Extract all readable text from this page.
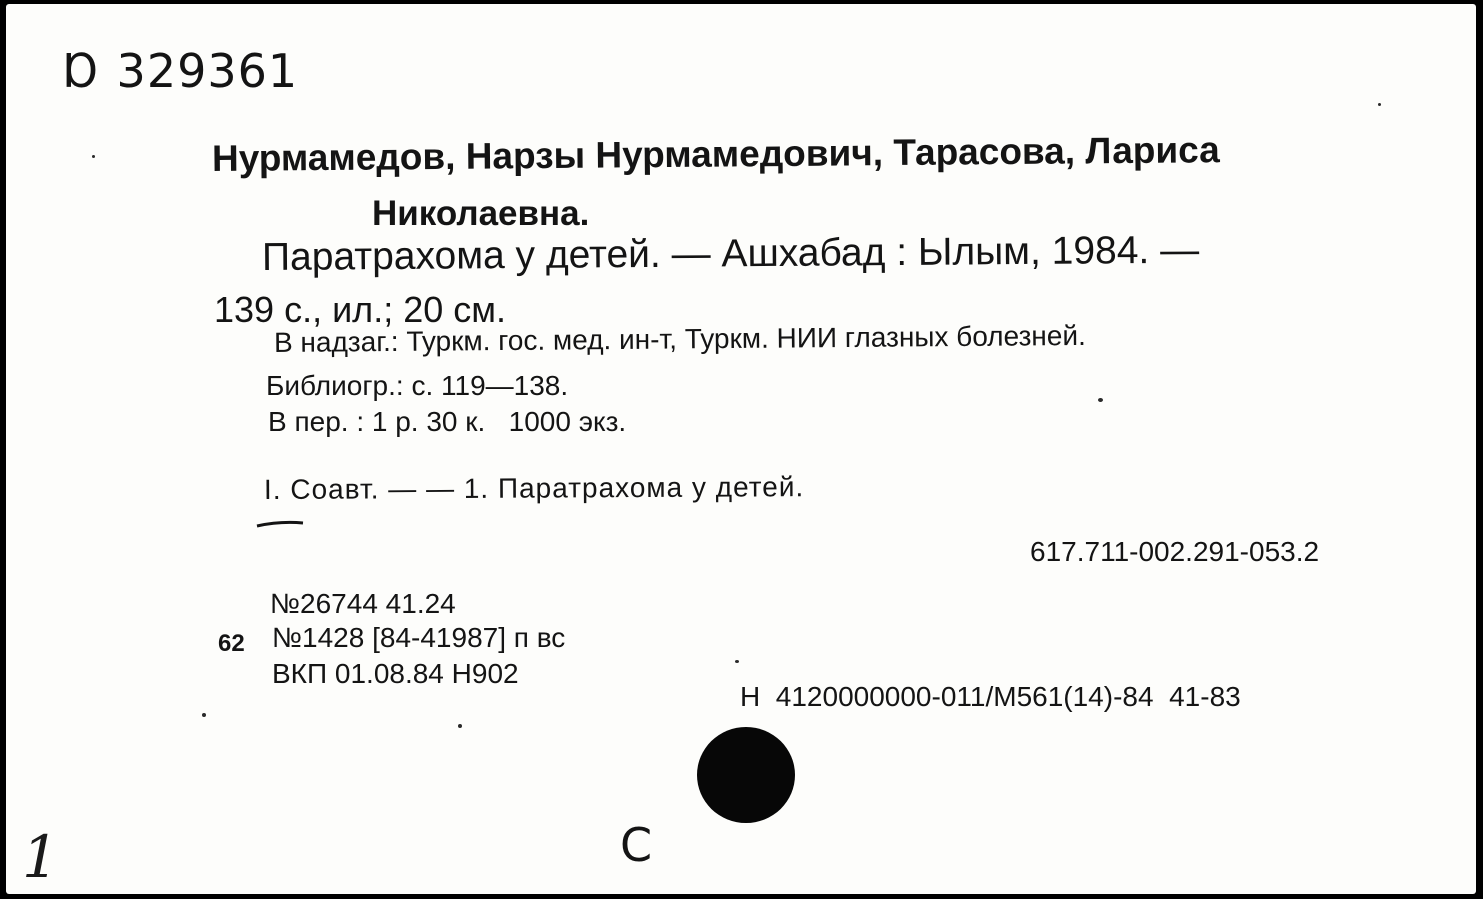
Ɒ 329361
Нурмамедов, Нарзы Нурмамедович, Тарасова, Лариса
Николаевна.
Паратрахома у детей. — Ашхабад : Ылым, 1984. —
139 с., ил.; 20 см.
В надзаг.: Туркм. гос. мед. ин-т, Туркм. НИИ глазных болезней.
Библиогр.: с. 119—138.
В пер. : 1 р. 30 к.   1000 экз.
I. Соавт. — — 1. Паратрахома у детей.
617.711-002.291-053.2
№26744 41.24
62 №1428 [84-41987] п вс
ВКП 01.08.84 Н902
Н  4120000000-011/М561(14)-84  41-83
С
1
